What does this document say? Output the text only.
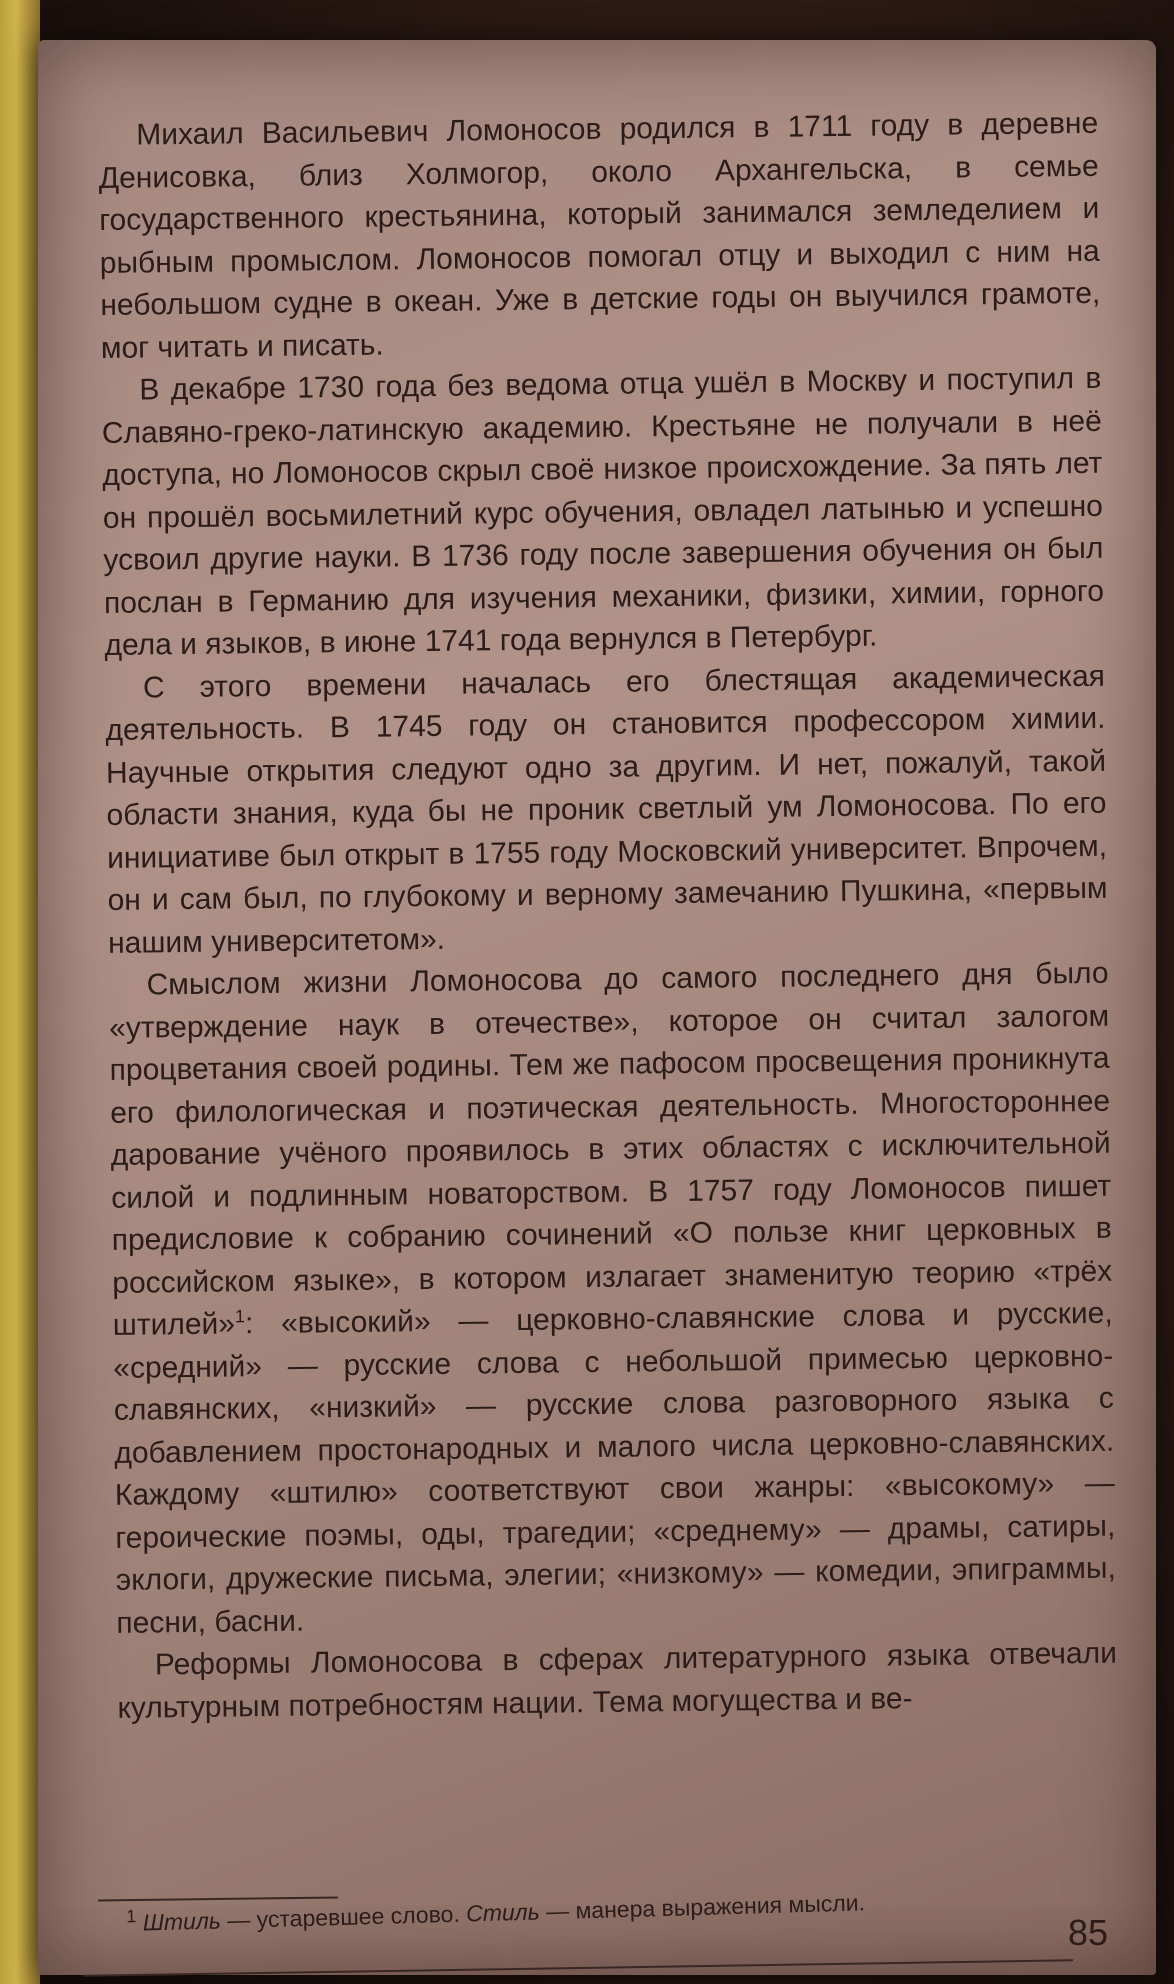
Михаил Васильевич Ломоносов родился в 1711 году в деревне Денисовка, близ Холмогор, около Архангельска, в семье государственного крестьянина, который занимался земледелием и рыбным промыслом. Ломоносов помогал отцу и выходил с ним на небольшом судне в океан. Уже в детские годы он выучился грамоте, мог читать и писать.

В декабре 1730 года без ведома отца ушёл в Москву и поступил в Славяно-греко-латинскую академию. Крестьяне не получали в неё доступа, но Ломоносов скрыл своё низкое происхождение. За пять лет он прошёл восьмилетний курс обучения, овладел латынью и успешно усвоил другие науки. В 1736 году после завершения обучения он был послан в Германию для изучения механики, физики, химии, горного дела и языков, в июне 1741 года вернулся в Петербург.

С этого времени началась его блестящая академическая деятельность. В 1745 году он становится профессором химии. Научные открытия следуют одно за другим. И нет, пожалуй, такой области знания, куда бы не проник светлый ум Ломоносова. По его инициативе был открыт в 1755 году Московский университет. Впрочем, он и сам был, по глубокому и верному замечанию Пушкина, «первым нашим университетом».

Смыслом жизни Ломоносова до самого последнего дня было «утверждение наук в отечестве», которое он считал залогом процветания своей родины. Тем же пафосом просвещения проникнута его филологическая и поэтическая деятельность. Многостороннее дарование учёного проявилось в этих областях с исключительной силой и подлинным новаторством. В 1757 году Ломоносов пишет предисловие к собранию сочинений «О пользе книг церковных в российском языке», в котором излагает знаменитую теорию «трёх штилей»$^1$: «высокий» — церковно-славянские слова и русские, «средний» — русские слова с небольшой примесью церковно-славянских, «низкий» — русские слова разговорного языка с добавлением простонародных и малого числа церковно-славянских. Каждому «штилю» соответствуют свои жанры: «высокому» — героические поэмы, оды, трагедии; «среднему» — драмы, сатиры, эклоги, дружеские письма, элегии; «низкому» — комедии, эпиграммы, песни, басни.

Реформы Ломоносова в сферах литературного языка отвечали культурным потребностям нации. Тема могущества и ве-

$^1$ Штиль — устаревшее слово. Стиль — манера выражения мысли.
85
